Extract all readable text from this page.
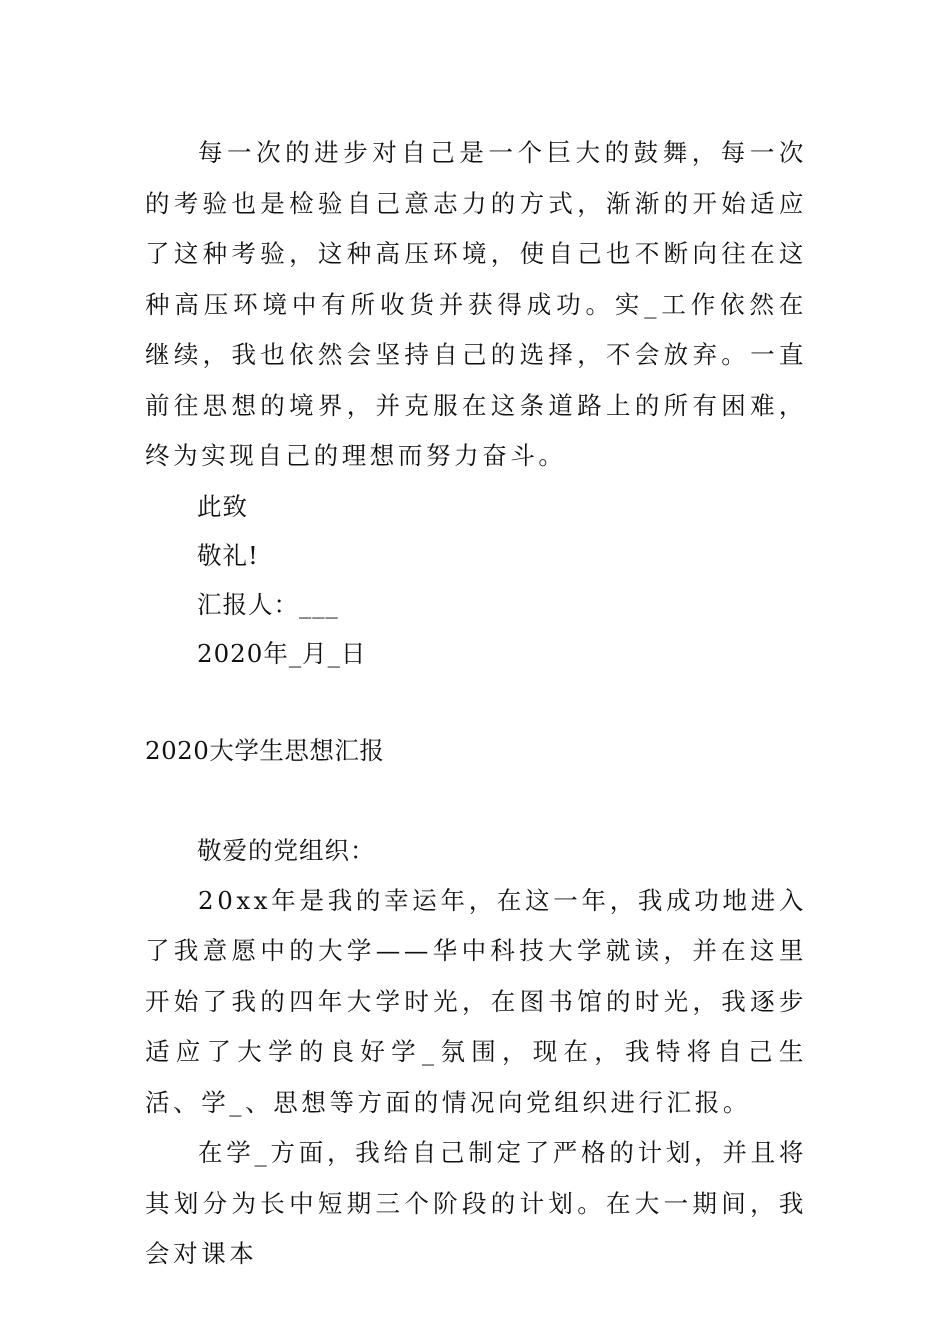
每一次的进步对自己是一个巨大的鼓舞，每一次的考验也是检验自己意志力的方式，渐渐的开始适应了这种考验，这种高压环境，使自己也不断向往在这种高压环境中有所收货并获得成功。实_工作依然在继续，我也依然会坚持自己的选择，不会放弃。一直前往思想的境界，并克服在这条道路上的所有困难，终为实现自己的理想而努力奋斗。

此致

敬礼!

汇报人：___

2020年_月_日

2020大学生思想汇报

敬爱的党组织：

20xx年是我的幸运年，在这一年，我成功地进入了我意愿中的大学——华中科技大学就读，并在这里开始了我的四年大学时光，在图书馆的时光，我逐步适应了大学的良好学_氛围，现在，我特将自己生活、学_、思想等方面的情况向党组织进行汇报。

在学_方面，我给自己制定了严格的计划，并且将其划分为长中短期三个阶段的计划。在大一期间，我会对课本
